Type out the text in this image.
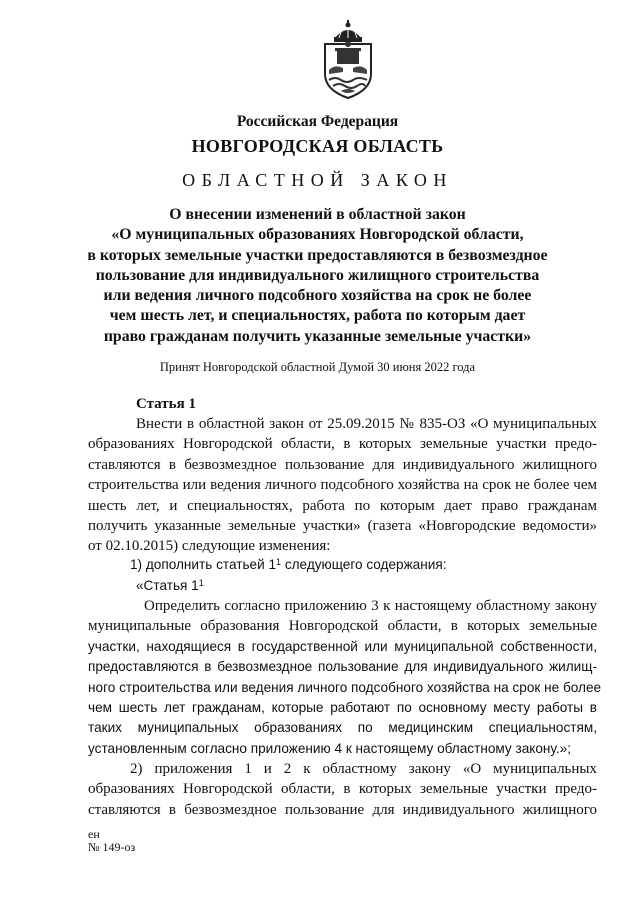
Российская Федерация
НОВГОРОДСКАЯ ОБЛАСТЬ
ОБЛАСТНОЙ ЗАКОН
О внесении изменений в областной закон
«О муниципальных образованиях Новгородской области,
в которых земельные участки предоставляются в безвозмездное
пользование для индивидуального жилищного строительства
или ведения личного подсобного хозяйства на срок не более
чем шесть лет, и специальностях, работа по которым дает
право гражданам получить указанные земельные участки»
Принят Новгородской областной Думой 30 июня 2022 года
Статья 1
Внести в областной закон от 25.09.2015 № 835-ОЗ «О муниципальных
образованиях Новгородской области, в которых земельные участки предо-
ставляются в безвозмездное пользование для индивидуального жилищного
строительства или ведения личного подсобного хозяйства на срок не более чем
шесть лет, и специальностях, работа по которым дает право гражданам
получить указанные земельные участки» (газета «Новгородские ведомости»
от 02.10.2015) следующие изменения:
1) дополнить статьей $1^1$ следующего содержания:
«Статья $1^1$
Определить согласно приложению 3 к настоящему областному закону
муниципальные образования Новгородской области, в которых земельные
участки, находящиеся в государственной или муниципальной собственности,
предоставляются в безвозмездное пользование для индивидуального жилищ-
ного строительства или ведения личного подсобного хозяйства на срок не более
чем шесть лет гражданам, которые работают по основному месту работы в
таких муниципальных образованиях по медицинским специальностям,
установленным согласно приложению 4 к настоящему областному закону.»;
2) приложения 1 и 2 к областному закону «О муниципальных
образованиях Новгородской области, в которых земельные участки предо-
ставляются в безвозмездное пользование для индивидуального жилищного
ен
№ 149-оз
